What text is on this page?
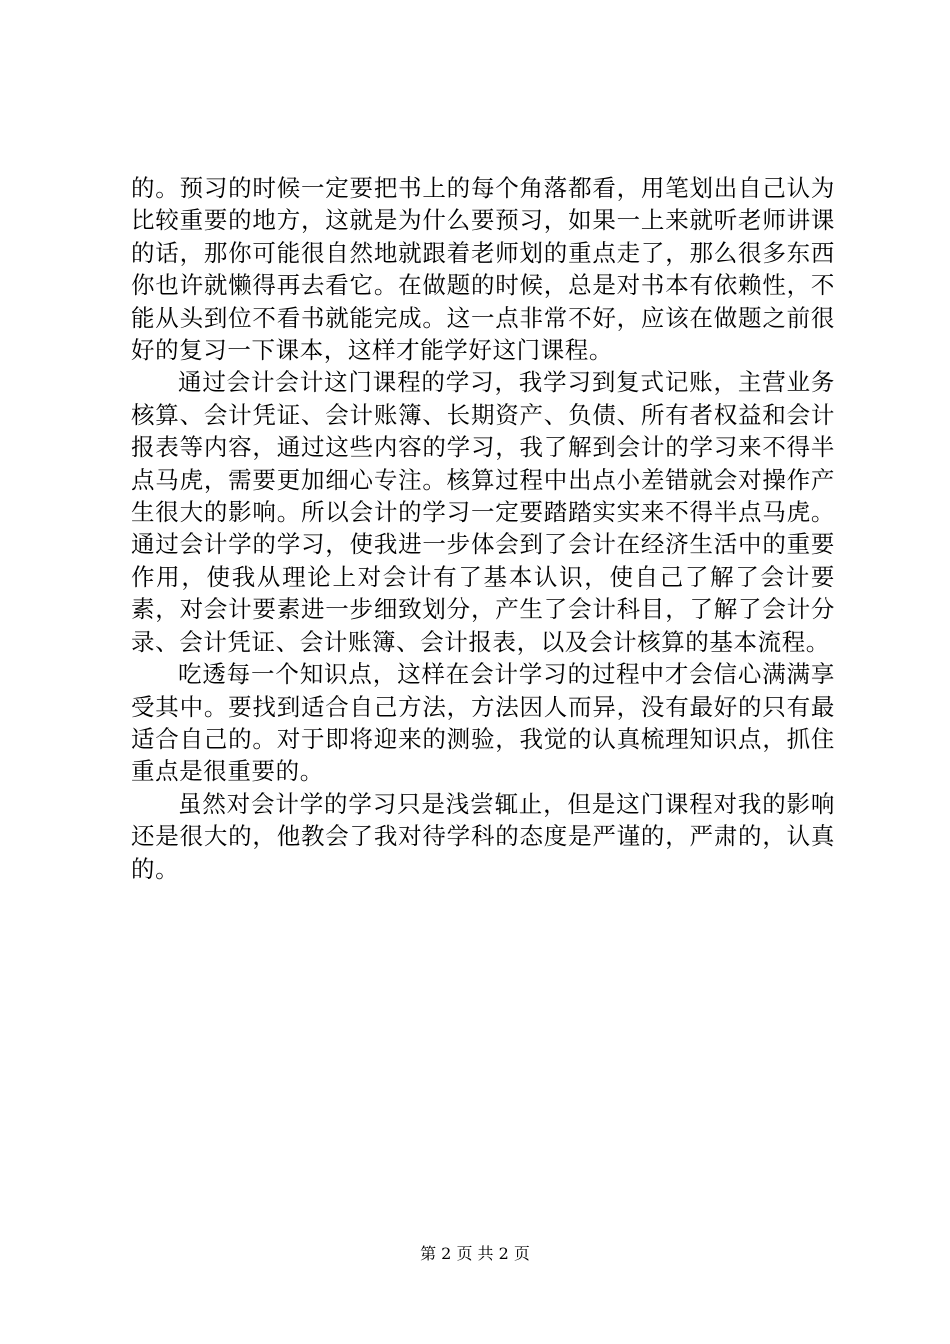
的。预习的时候一定要把书上的每个角落都看，用笔划出自己认为比较重要的地方，这就是为什么要预习，如果一上来就听老师讲课的话，那你可能很自然地就跟着老师划的重点走了，那么很多东西你也许就懒得再去看它。在做题的时候，总是对书本有依赖性，不能从头到位不看书就能完成。这一点非常不好，应该在做题之前很好的复习一下课本，这样才能学好这门课程。

通过会计会计这门课程的学习，我学习到复式记账，主营业务核算、会计凭证、会计账簿、长期资产、负债、所有者权益和会计报表等内容，通过这些内容的学习，我了解到会计的学习来不得半点马虎，需要更加细心专注。核算过程中出点小差错就会对操作产生很大的影响。所以会计的学习一定要踏踏实实来不得半点马虎。通过会计学的学习，使我进一步体会到了会计在经济生活中的重要作用，使我从理论上对会计有了基本认识，使自己了解了会计要素，对会计要素进一步细致划分，产生了会计科目，了解了会计分录、会计凭证、会计账簿、会计报表，以及会计核算的基本流程。

吃透每一个知识点，这样在会计学习的过程中才会信心满满享受其中。要找到适合自己方法，方法因人而异，没有最好的只有最适合自己的。对于即将迎来的测验，我觉的认真梳理知识点，抓住重点是很重要的。

虽然对会计学的学习只是浅尝辄止，但是这门课程对我的影响还是很大的，他教会了我对待学科的态度是严谨的，严肃的，认真的。

第 2 页 共 2 页
